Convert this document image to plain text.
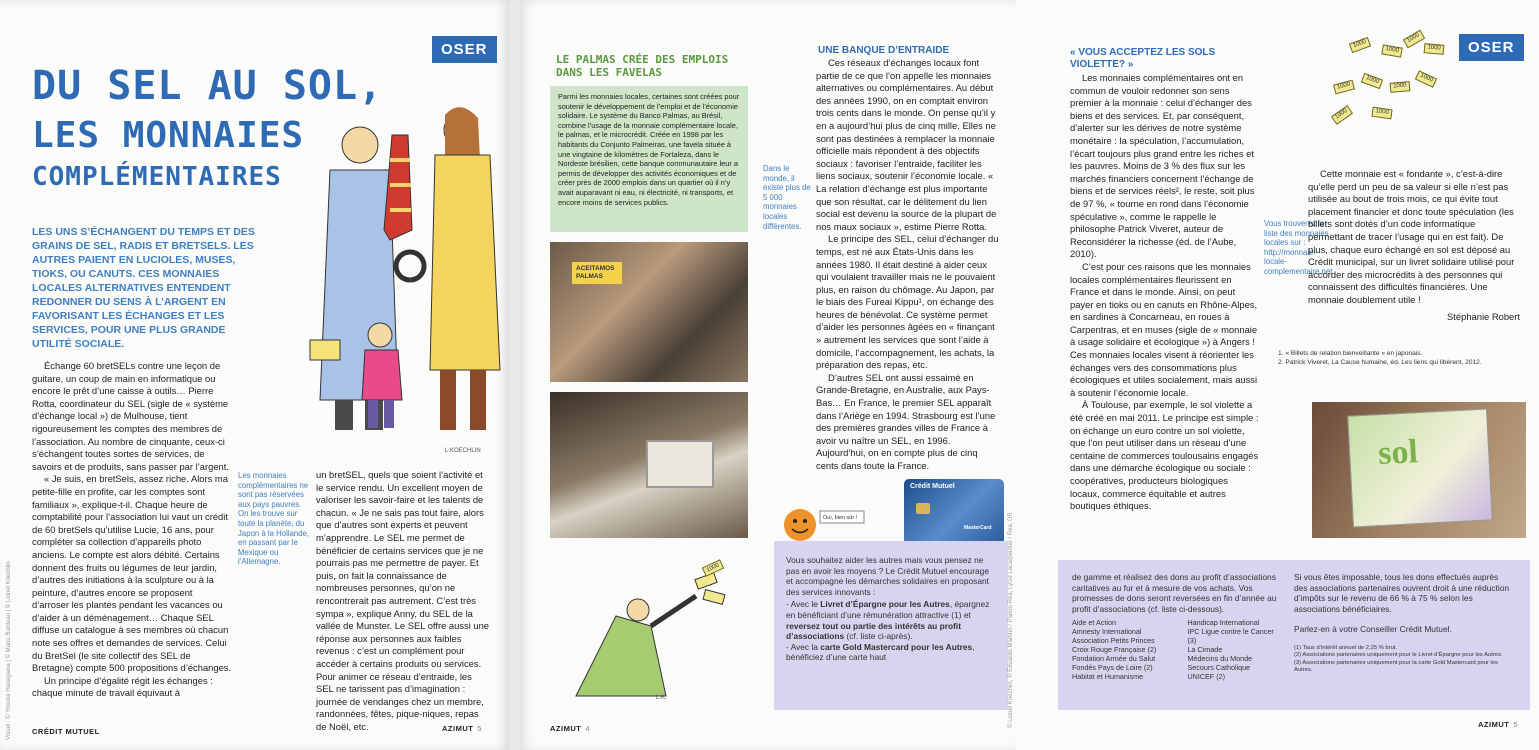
OSER
DU SEL AU SOL,
LES MONNAIES
COMPLÉMENTAIRES
L.KOECHLIN
LES UNS S’ÉCHANGENT DU TEMPS ET DES GRAINS DE SEL, RADIS ET BRETSELS. LES AUTRES PAIENT EN LUCIOLES, MUSES, TIOKS, OU CANUTS. CES MONNAIES LOCALES ALTERNATIVES ENTENDENT REDONNER DU SENS À L’ARGENT EN FAVORISANT LES ÉCHANGES ET LES SERVICES, POUR UNE PLUS GRANDE UTILITÉ SOCIALE.

Échange 60 bretSELs contre une leçon de guitare, un coup de main en informatique ou encore le prêt d’une caisse à outils… Pierre Rotta, coordinateur du SEL (sigle de « système d’échange local ») de Mulhouse, tient rigoureusement les comptes des membres de l’association. Au nombre de cinquante, ceux-ci s’échangent toutes sortes de services, de savoirs et de produits, sans passer par l’argent.

« Je suis, en bretSels, assez riche. Alors ma petite-fille en profite, car les comptes sont familiaux », explique-t-il. Chaque heure de comptabilité pour l’association lui vaut un crédit de 60 bretSels qu’utilise Lucie, 16 ans, pour compléter sa collection d’appareils photo anciens. Le compte est alors débité. Certains donnent des fruits ou légumes de leur jardin, d’autres des initiations à la sculpture ou à la peinture, d’autres encore se proposent d’arroser les plantes pendant les vacances ou d’aider à un déménagement… Chaque SEL diffuse un catalogue à ses membres où chacun note ses offres et demandes de services. Celui du BretSel (le site collectif des SEL de Bretagne) compte 500 propositions d’échanges.

Un principe d’égalité régit les échanges : chaque minute de travail équivaut à

Les monnaies complémentaires ne sont pas réservées aux pays pauvres. On les trouve sur toute la planète, du Japon à la Hollande, en passant par le Mexique ou l’Allemagne.

un bretSEL, quels que soient l’activité et le service rendu. Un excellent moyen de valoriser les savoir-faire et les talents de chacun. « Je ne sais pas tout faire, alors que d’autres sont experts et peuvent m’apprendre. Le SEL me permet de bénéficier de certains services que je ne pourrais pas me permettre de payer. Et puis, on fait la connaissance de nombreuses personnes, qu’on ne rencontrerait pas autrement. C’est très sympa », explique Anny, du SEL de la vallée de Munster. Le SEL offre aussi une réponse aux personnes aux faibles revenus : c’est un complément pour accéder à certains produits ou services. Pour animer ce réseau d’entraide, les SEL ne tarissent pas d’imagination : journée de vendanges chez un membre, randonnées, fêtes, pique-niques, repas de Noël, etc.

CRÉDIT MUTUEL	AZIMUT 5
Visuel : © Yosuke Hasegawa | © Manu Bardeau | © Lionel Koechlin
LE PALMAS CRÉE DES EMPLOIS DANS LES FAVELAS
Parmi les monnaies locales, certaines sont créées pour soutenir le développement de l’emploi et de l’économie solidaire. Le système du Banco Palmas, au Brésil, combine l’usage de la monnaie complémentaire locale, le palmas, et le microcrédit. Créée en 1998 par les habitants du Conjunto Palmeiras, une favela située à une vingtaine de kilomètres de Fortaleza, dans le Nordeste brésilien, cette banque communautaire leur a permis de développer des activités économiques et de créer près de 2000 emplois dans un quartier où il n’y avait auparavant ni eau, ni électricité, ni transports, et encore moins de services publics.
ACEITAMOS PALMAS
UNE BANQUE D’ENTRAIDE

Ces réseaux d’échanges locaux font partie de ce que l’on appelle les monnaies alternatives ou complémentaires. Au début des années 1990, on en comptait environ trois cents dans le monde. On pense qu’il y en a aujourd’hui plus de cinq mille. Elles ne sont pas destinées à remplacer la monnaie officielle mais répondent à des objectifs sociaux : favoriser l’entraide, faciliter les liens sociaux, soutenir l’économie locale. « La relation d’échange est plus importante que son résultat, car le délitement du lien social est devenu la source de la plupart de nos maux sociaux », estime Pierre Rotta.

Le principe des SEL, celui d’échanger du temps, est né aux États-Unis dans les années 1980. Il était destiné à aider ceux qui voulaient travailler mais ne le pouvaient plus, en raison du chômage. Au Japon, par le biais des Fureai Kippu¹, on échange des heures de bénévolat. Ce système permet d’aider les personnes âgées en « finançant » autrement les services que sont l’aide à domicile, l’accompagnement, les achats, la préparation des repas, etc.

D’autres SEL ont aussi essaimé en Grande-Bretagne, en Australie, aux Pays-Bas… En France, le premier SEL apparaît dans l’Ariège en 1994. Strasbourg est l’une des premières grandes villes de France à avoir vu naître un SEL, en 1996. Aujourd’hui, on en compte plus de cinq cents dans toute la France.

Dans le monde, il existe plus de 5 000 monnaies locales différentes.
Crédit Mutuel
MasterCard
Oui, bien sûr !
Vous souhaitez aider les autres mais vous pensez ne pas en avoir les moyens ? Le Crédit Mutuel encourage et accompagne les démarches solidaires en proposant des services innovants :
- Avec le Livret d’Épargne pour les Autres, épargnez en bénéficiant d’une rémunération attractive (1) et reversez tout ou partie des intérêts au profit d’associations (cf. liste ci-après).
- Avec la carte Gold Mastercard pour les Autres, bénéficiez d’une carte haut
L.K.
1000
AZIMUT 4
© Lionel Koechlin, © Eduardo Martino / Panos-Rea, Lycie Lecarpentier / Rea, DR
OSER
« VOUS ACCEPTEZ LES SOLS VIOLETTE? »

Les monnaies complémentaires ont en commun de vouloir redonner son sens premier à la monnaie : celui d’échanger des biens et des services. Et, par conséquent, d’alerter sur les dérives de notre système monétaire : la spéculation, l’accumulation, l’écart toujours plus grand entre les riches et les pauvres. Moins de 3 % des flux sur les marchés financiers concernent l’échange de biens et de services réels², le reste, soit plus de 97 %, « tourne en rond dans l’économie spéculative », comme le rappelle le philosophe Patrick Viveret, auteur de Reconsidérer la richesse (éd. de l’Aube, 2010).

C’est pour ces raisons que les monnaies locales complémentaires fleurissent en France et dans le monde. Ainsi, on peut payer en tioks ou en canuts en Rhône-Alpes, en sardines à Concarneau, en roues à Carpentras, et en muses (sigle de « monnaie à usage solidaire et écologique ») à Angers ! Ces monnaies locales visent à réorienter les échanges vers des consommations plus écologiques et utiles socialement, mais aussi à soutenir l’économie locale.

À Toulouse, par exemple, le sol violette a été créé en mai 2011. Le principe est simple : on échange un euro contre un sol violette, que l’on peut utiliser dans un réseau d’une centaine de commerces toulousains engagés dans une démarche écologique ou sociale : coopératives, producteurs biologiques locaux, commerce équitable et autres boutiques éthiques.

Vous trouverez la liste des monnaies locales sur : http://monnaie-locale-complementaire.net
1000
1000
1000
1000
1000
1000
1000
1000
1000	1000

Cette monnaie est « fondante », c’est-à-dire qu’elle perd un peu de sa valeur si elle n’est pas utilisée au bout de trois mois, ce qui évite tout placement financier et donc toute spéculation (les billets sont dotés d’un code informatique permettant de tracer l’usage qui en est fait). De plus, chaque euro échangé en sol est déposé au Crédit municipal, sur un livret solidaire utilisé pour accorder des microcrédits à des personnes qui connaissent des difficultés financières. Une monnaie doublement utile !

Stéphanie Robert
1. « Billets de relation bienveillante » en japonais.
2. Patrick Viveret, La Cause humaine, éd. Les liens qui libèrent, 2012.
sol
de gamme et réalisez des dons au profit d’associations caritatives au fur et à mesure de vos achats. Vos promesses de dons seront reversées en fin d’année au profit d’associations (cf. liste ci-dessous).
Aide et Action
Amnesty International
Association Petits Princes
Croix Rouge Française (2)
Fondation Armée du Salut
Fondés Pays de Loire (2)
Habitat et Humanisme
Handicap International
IPC Ligue contre le Cancer (3)
La Cimade
Médecins du Monde
Secours Catholique
UNICEF (2)
Si vous êtes imposable, tous les dons effectués auprès des associations partenaires ouvrent droit à une réduction d’impôts sur le revenu de 66 % à 75 % selon les associations bénéficiaires.
Parlez-en à votre Conseiller Crédit Mutuel.
(1) Taux d’intérêt annuel de 2,25 % brut.
(2) Associations partenaires uniquement pour le Livret d’Épargne pour les Autres.
(3) Associations partenaires uniquement pour la carte Gold Mastercard pour les Autres.
AZIMUT 5
